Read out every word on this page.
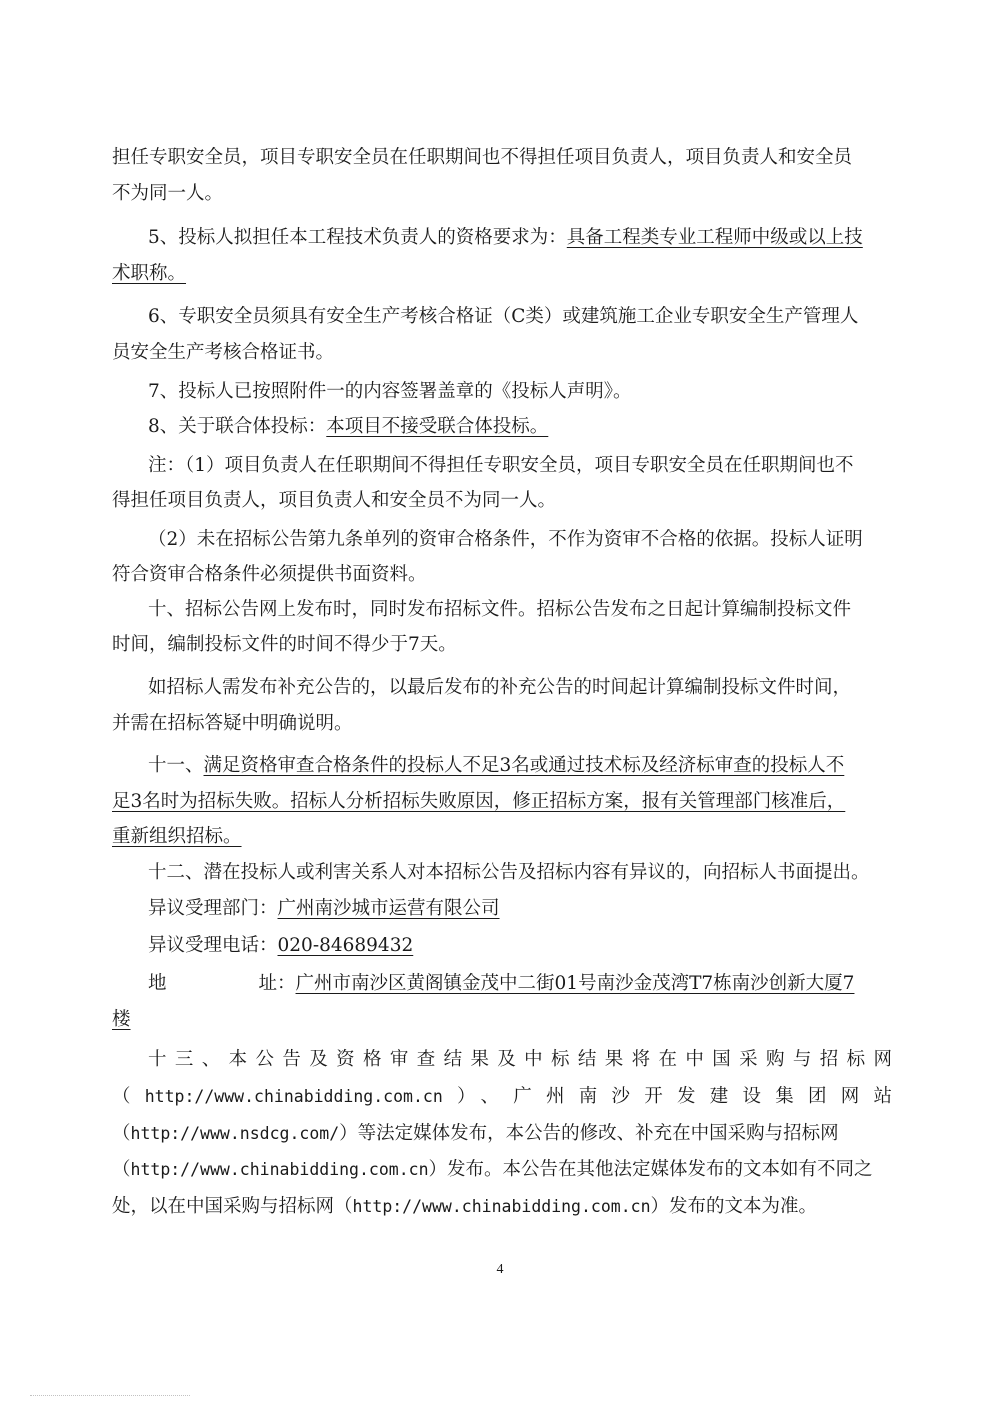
担任专职安全员，项目专职安全员在任职期间也不得担任项目负责人，项目负责人和安全员
不为同一人。
5、投标人拟担任本工程技术负责人的资格要求为：具备工程类专业工程师中级或以上技
术职称。
6、专职安全员须具有安全生产考核合格证（C类）或建筑施工企业专职安全生产管理人
员安全生产考核合格证书。
7、投标人已按照附件一的内容签署盖章的《投标人声明》。
8、关于联合体投标：本项目不接受联合体投标。
注：（1）项目负责人在任职期间不得担任专职安全员，项目专职安全员在任职期间也不
得担任项目负责人，项目负责人和安全员不为同一人。
（2）未在招标公告第九条单列的资审合格条件，不作为资审不合格的依据。投标人证明
符合资审合格条件必须提供书面资料。
十、招标公告网上发布时，同时发布招标文件。招标公告发布之日起计算编制投标文件
时间，编制投标文件的时间不得少于7天。
如招标人需发布补充公告的，以最后发布的补充公告的时间起计算编制投标文件时间，
并需在招标答疑中明确说明。
十一、满足资格审查合格条件的投标人不足3名或通过技术标及经济标审查的投标人不
足3名时为招标失败。招标人分析招标失败原因，修正招标方案，报有关管理部门核准后，
重新组织招标。
十二、潜在投标人或利害关系人对本招标公告及招标内容有异议的，向招标人书面提出。
异议受理部门：广州南沙城市运营有限公司
异议受理电话：020-84689432
地	址：广州市南沙区黄阁镇金茂中二街01号南沙金茂湾T7栋南沙创新大厦7
楼
十三、本公告及资格审查结果及中标结果将在中国采购与招标网
（http://www.chinabidding.com.cn）、广州南沙开发建设集团网站
（http://www.nsdcg.com/）等法定媒体发布，本公告的修改、补充在中国采购与招标网
（http://www.chinabidding.com.cn）发布。本公告在其他法定媒体发布的文本如有不同之
处，以在中国采购与招标网（http://www.chinabidding.com.cn）发布的文本为准。
4
